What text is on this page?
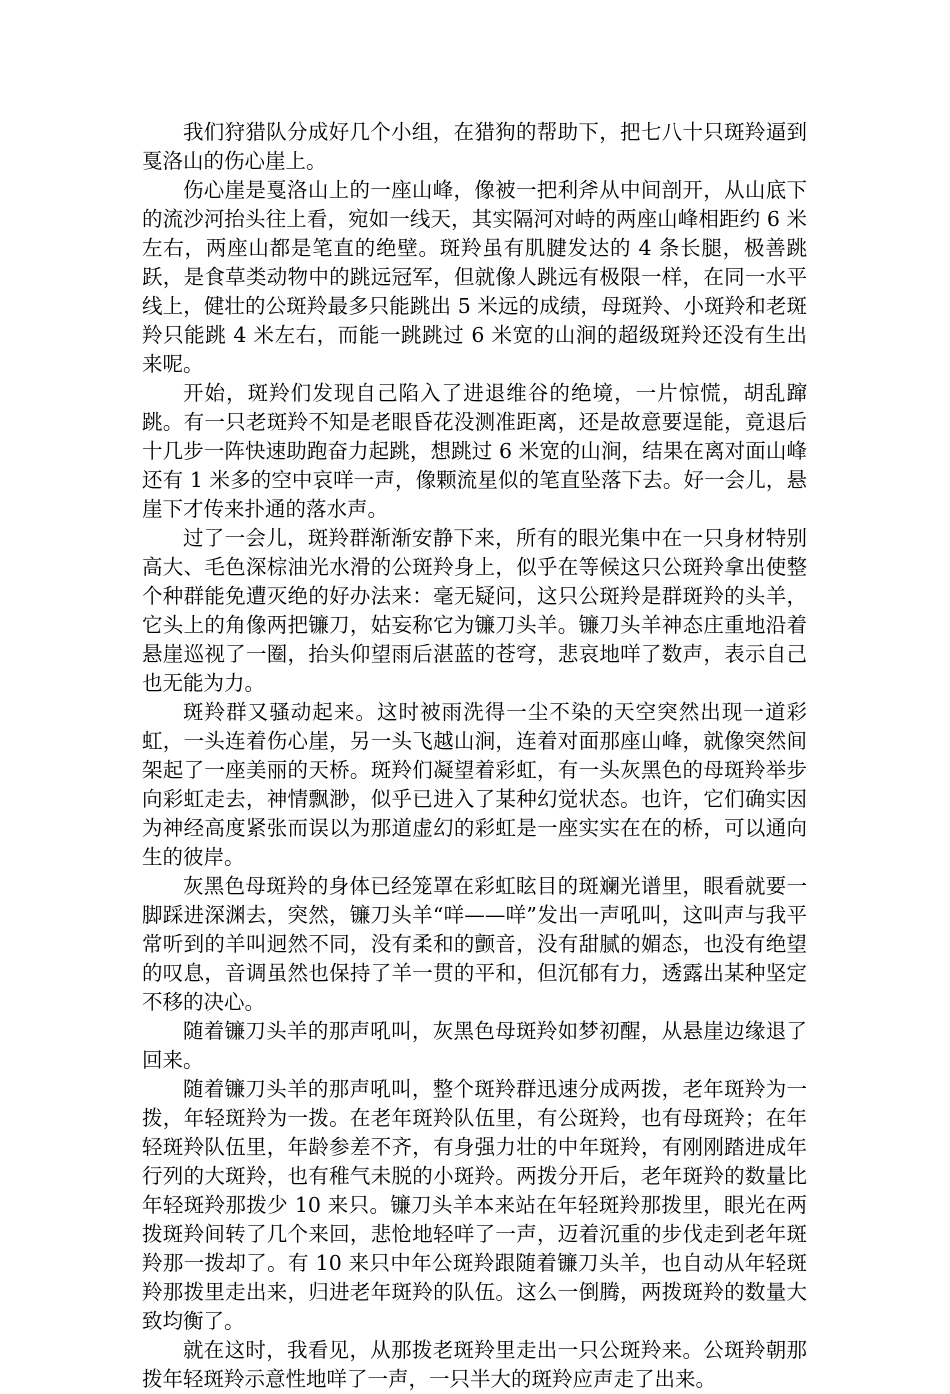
我们狩猎队分成好几个小组，在猎狗的帮助下，把七八十只斑羚逼到戛洛山的伤心崖上。

伤心崖是戛洛山上的一座山峰，像被一把利斧从中间剖开，从山底下的流沙河抬头往上看，宛如一线天，其实隔河对峙的两座山峰相距约 6 米左右，两座山都是笔直的绝壁。斑羚虽有肌腱发达的 4 条长腿，极善跳跃，是食草类动物中的跳远冠军，但就像人跳远有极限一样，在同一水平线上，健壮的公斑羚最多只能跳出 5 米远的成绩，母斑羚、小斑羚和老斑羚只能跳 4 米左右，而能一跳跳过 6 米宽的山涧的超级斑羚还没有生出来呢。

开始，斑羚们发现自己陷入了进退维谷的绝境，一片惊慌，胡乱蹿跳。有一只老斑羚不知是老眼昏花没测准距离，还是故意要逞能，竟退后十几步一阵快速助跑奋力起跳，想跳过 6 米宽的山涧，结果在离对面山峰还有 1 米多的空中哀咩一声，像颗流星似的笔直坠落下去。好一会儿，悬崖下才传来扑通的落水声。

过了一会儿，斑羚群渐渐安静下来，所有的眼光集中在一只身材特别高大、毛色深棕油光水滑的公斑羚身上，似乎在等候这只公斑羚拿出使整个种群能免遭灭绝的好办法来：毫无疑问，这只公斑羚是群斑羚的头羊，它头上的角像两把镰刀，姑妄称它为镰刀头羊。镰刀头羊神态庄重地沿着悬崖巡视了一圈，抬头仰望雨后湛蓝的苍穹，悲哀地咩了数声，表示自己也无能为力。

斑羚群又骚动起来。这时被雨洗得一尘不染的天空突然出现一道彩虹，一头连着伤心崖，另一头飞越山涧，连着对面那座山峰，就像突然间架起了一座美丽的天桥。斑羚们凝望着彩虹，有一头灰黑色的母斑羚举步向彩虹走去，神情飘渺，似乎已进入了某种幻觉状态。也许，它们确实因为神经高度紧张而误以为那道虚幻的彩虹是一座实实在在的桥，可以通向生的彼岸。

灰黑色母斑羚的身体已经笼罩在彩虹眩目的斑斓光谱里，眼看就要一脚踩进深渊去，突然，镰刀头羊“咩——咩”发出一声吼叫，这叫声与我平常听到的羊叫迥然不同，没有柔和的颤音，没有甜腻的媚态，也没有绝望的叹息，音调虽然也保持了羊一贯的平和，但沉郁有力，透露出某种坚定不移的决心。

随着镰刀头羊的那声吼叫，灰黑色母斑羚如梦初醒，从悬崖边缘退了回来。

随着镰刀头羊的那声吼叫，整个斑羚群迅速分成两拨，老年斑羚为一拨，年轻斑羚为一拨。在老年斑羚队伍里，有公斑羚，也有母斑羚；在年轻斑羚队伍里，年龄参差不齐，有身强力壮的中年斑羚，有刚刚踏进成年行列的大斑羚，也有稚气未脱的小斑羚。两拨分开后，老年斑羚的数量比年轻斑羚那拨少 10 来只。镰刀头羊本来站在年轻斑羚那拨里，眼光在两拨斑羚间转了几个来回，悲怆地轻咩了一声，迈着沉重的步伐走到老年斑羚那一拨却了。有 10 来只中年公斑羚跟随着镰刀头羊，也自动从年轻斑羚那拨里走出来，归进老年斑羚的队伍。这么一倒腾，两拨斑羚的数量大致均衡了。

就在这时，我看见，从那拨老斑羚里走出一只公斑羚来。公斑羚朝那拨年轻斑羚示意性地咩了一声，一只半大的斑羚应声走了出来。
